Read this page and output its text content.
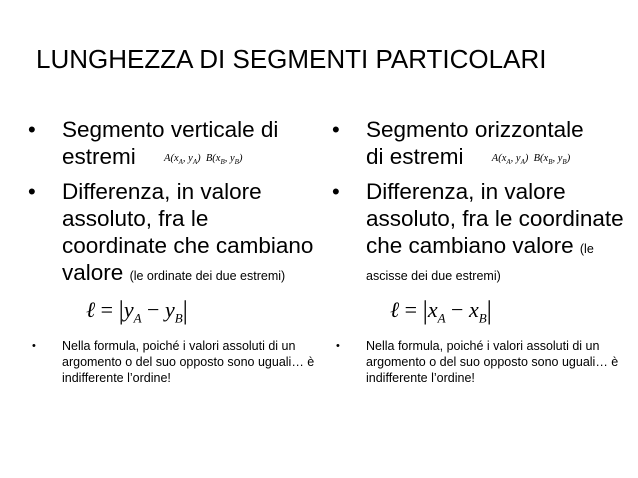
LUNGHEZZA DI SEGMENTI PARTICOLARI
• Segmento verticale di
estremi	$A(x_A$, $y_A$)  $B(x_B$, $y_B$)
• Differenza, in valore assoluto, fra le coordinate che cambiano valore (le ordinate dei due estremi)
ℓ = $|y_A - y_B|$
• Nella formula, poiché i valori assoluti di un argomento o del suo opposto sono uguali… è indifferente l’ordine!
• Segmento orizzontale
di estremi	$A(x_A$, $y_A$)  $B(x_B$, $y_B$)
• Differenza, in valore assoluto, fra le coordinate che cambiano valore (le ascisse dei due estremi)
ℓ = $|x_A - x_B|$
• Nella formula, poiché i valori assoluti di un argomento o del suo opposto sono uguali… è indifferente l’ordine!
